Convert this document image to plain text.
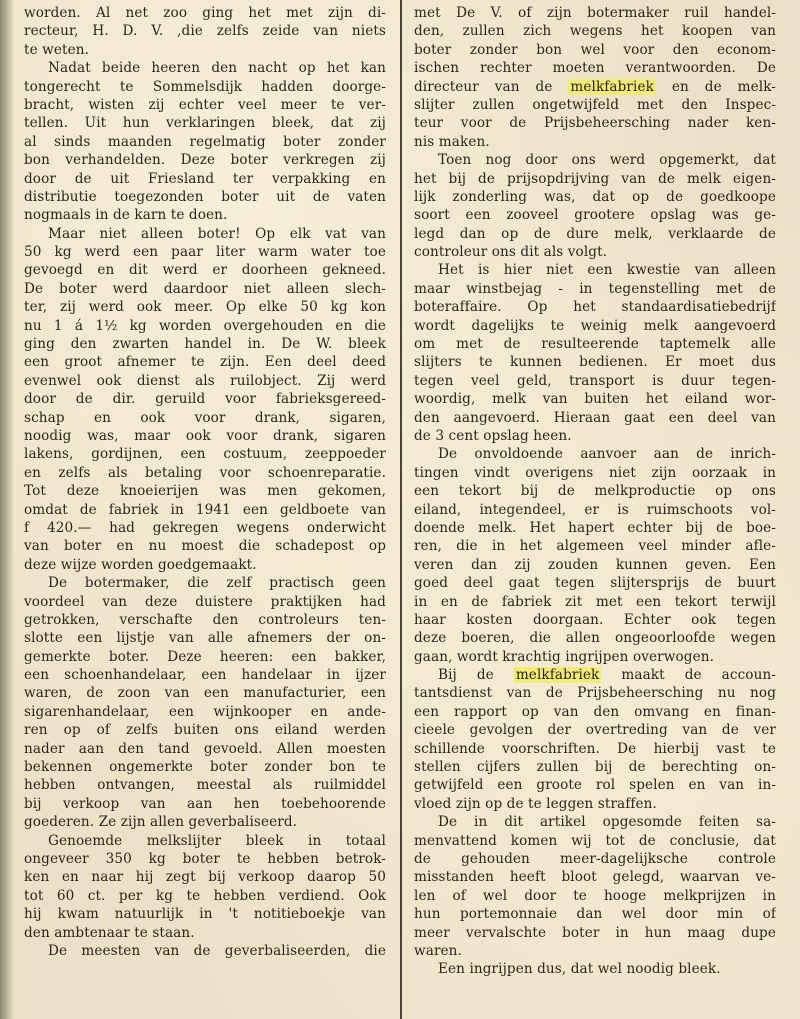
worden. Al net zoo ging het met zijn di-
recteur, H. D. V. ,die zelfs zeide van niets
te weten.
Nadat beide heeren den nacht op het kan
tongerecht te Sommelsdijk hadden doorge-
bracht, wisten zij echter veel meer te ver-
tellen. Uit hun verklaringen bleek, dat zij
al sinds maanden regelmatig boter zonder
bon verhandelden. Deze boter verkregen zij
door de uit Friesland ter verpakking en
distributie toegezonden boter uit de vaten
nogmaals in de karn te doen.
Maar niet alleen boter! Op elk vat van
50 kg werd een paar liter warm water toe
gevoegd en dit werd er doorheen gekneed.
De boter werd daardoor niet alleen slech-
ter, zij werd ook meer. Op elke 50 kg kon
nu 1 á 1½ kg worden overgehouden en die
ging den zwarten handel in. De W. bleek
een groot afnemer te zijn. Een deel deed
evenwel ook dienst als ruilobject. Zij werd
door de dir. geruild voor fabrieksgereed-
schap en ook voor drank, sigaren,
noodig was, maar ook voor drank, sigaren
lakens, gordijnen, een costuum, zeeppoeder
en zelfs als betaling voor schoenreparatie.
Tot deze knoeierijen was men gekomen,
omdat de fabriek in 1941 een geldboete van
f 420.— had gekregen wegens onderwicht
van boter en nu moest die schadepost op
deze wijze worden goedgemaakt.
De botermaker, die zelf practisch geen
voordeel van deze duistere praktijken had
getrokken, verschafte den controleurs ten-
slotte een lijstje van alle afnemers der on-
gemerkte boter. Deze heeren: een bakker,
een schoenhandelaar, een handelaar in ijzer
waren, de zoon van een manufacturier, een
sigarenhandelaar, een wijnkooper en ande-
ren op of zelfs buiten ons eiland werden
nader aan den tand gevoeld. Allen moesten
bekennen ongemerkte boter zonder bon te
hebben ontvangen, meestal als ruilmiddel
bij verkoop van aan hen toebehoorende
goederen. Ze zijn allen geverbaliseerd.
Genoemde melkslijter bleek in totaal
ongeveer 350 kg boter te hebben betrok-
ken en naar hij zegt bij verkoop daarop 50
tot 60 ct. per kg te hebben verdiend. Ook
hij kwam natuurlijk in 't notitieboekje van
den ambtenaar te staan.
De meesten van de geverbaliseerden, die
met De V. of zijn botermaker ruil handel-
den, zullen zich wegens het koopen van
boter zonder bon wel voor den econom-
ischen rechter moeten verantwoorden. De
directeur van de melkfabriek en de melk-
slijter zullen ongetwijfeld met den Inspec-
teur voor de Prijsbeheersching nader ken-
nis maken.
Toen nog door ons werd opgemerkt, dat
het bij de prijsopdrijving van de melk eigen-
lijk zonderling was, dat op de goedkoope
soort een zooveel grootere opslag was ge-
legd dan op de dure melk, verklaarde de
controleur ons dit als volgt.
Het is hier niet een kwestie van alleen
maar winstbejag - in tegenstelling met de
boteraffaire. Op het standaardisatiebedrijf
wordt dagelijks te weinig melk aangevoerd
om met de resulteerende taptemelk alle
slijters te kunnen bedienen. Er moet dus
tegen veel geld, transport is duur tegen-
woordig, melk van buiten het eiland wor-
den aangevoerd. Hieraan gaat een deel van
de 3 cent opslag heen.
De onvoldoende aanvoer aan de inrich-
tingen vindt overigens niet zijn oorzaak in
een tekort bij de melkproductie op ons
eiland, integendeel, er is ruimschoots vol-
doende melk. Het hapert echter bij de boe-
ren, die in het algemeen veel minder afle-
veren dan zij zouden kunnen geven. Een
goed deel gaat tegen slijtersprijs de buurt
in en de fabriek zit met een tekort terwijl
haar kosten doorgaan. Echter ook tegen
deze boeren, die allen ongeoorloofde wegen
gaan, wordt krachtig ingrijpen overwogen.
Bij de melkfabriek maakt de accoun-
tantsdienst van de Prijsbeheersching nu nog
een rapport op van den omvang en finan-
cieele gevolgen der overtreding van de ver
schillende voorschriften. De hierbij vast te
stellen cijfers zullen bij de berechting on-
getwijfeld een groote rol spelen en van in-
vloed zijn op de te leggen straffen.
De in dit artikel opgesomde feiten sa-
menvattend komen wij tot de conclusie, dat
de gehouden meer-dagelijksche controle
misstanden heeft bloot gelegd, waarvan ve-
len of wel door te hooge melkprijzen in
hun portemonnaie dan wel door min of
meer vervalschte boter in hun maag dupe
waren.
Een ingrijpen dus, dat wel noodig bleek.
